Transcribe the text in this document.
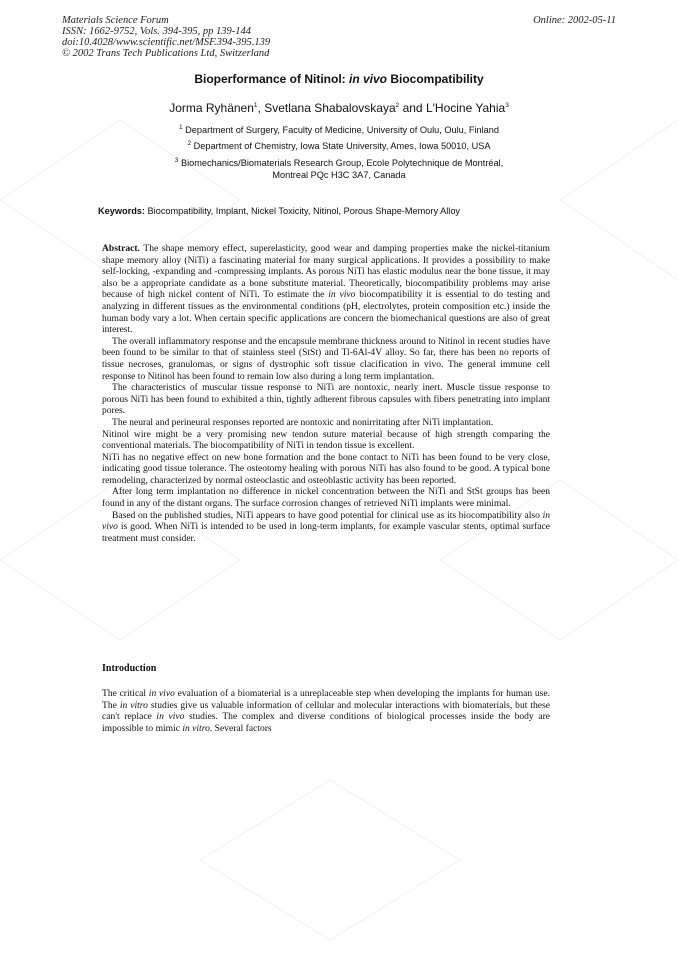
Materials Science Forum
ISSN: 1662-9752, Vols. 394-395, pp 139-144
doi:10.4028/www.scientific.net/MSF.394-395.139
© 2002 Trans Tech Publications Ltd, Switzerland
Online: 2002-05-11
Bioperformance of Nitinol: in vivo Biocompatibility
Jorma Ryhänen$^1$, Svetlana Shabalovskaya$^2$ and L'Hocine Yahia$^3$
$^1$ Department of Surgery, Faculty of Medicine, University of Oulu, Oulu, Finland
$^2$ Department of Chemistry, Iowa State University, Ames, Iowa 50010, USA
$^3$ Biomechanics/Biomaterials Research Group, Ecole Polytechnique de Montréal,
Montreal PQc H3C 3A7, Canada
Keywords: Biocompatibility, Implant, Nickel Toxicity, Nitinol, Porous Shape-Memory Alloy

Abstract. The shape memory effect, superelasticity, good wear and damping properties make the nickel-titanium shape memory alloy (NiTi) a fascinating material for many surgical applications. It provides a possibility to make self-locking, -expanding and -compressing implants. As porous NiTi has elastic modulus near the bone tissue, it may also be a appropriate candidate as a bone substitute material. Theoretically, biocompatibility problems may arise because of high nickel content of NiTi. To estimate the in vivo biocompatibility it is essential to do testing and analyzing in different tissues as the environmental conditions (pH, electrolytes, protein composition etc.) inside the human body vary a lot. When certain specific applications are concern the biomechanical questions are also of great interest.

The overall inflammatory response and the encapsule membrane thickness around to Nitinol in recent studies have been found to be similar to that of stainless steel (StSt) and Ti-6Al-4V alloy. So far, there has been no reports of tissue necroses, granulomas, or signs of dystrophic soft tissue clacification in vivo. The general immune cell response to Nitinol has been found to remain low also during a long term implantation.

The characteristics of muscular tissue response to NiTi are nontoxic, nearly inert. Muscle tissue response to porous NiTi has been found to exhibited a thin, tightly adherent fibrous capsules with fibers penetrating into implant pores.

The neural and perineural responses reported are nontoxic and nonirritating after NiTi implantation.

Nitinol wire might be a very promising new tendon suture material because of high strength comparing the conventional materials. The biocompatibility of NiTi in tendon tissue is excellent.

NiTi has no negative effect on new bone formation and the bone contact to NiTi has been found to be very close, indicating good tissue tolerance. The osteotomy healing with porous NiTi has also found to be good. A typical bone remodeling, characterized by normal osteoclastic and osteoblastic activity has been reported.

After long term implantation no difference in nickel concentration between the NiTi and StSt groups has been found in any of the distant organs. The surface corrosion changes of retrieved NiTi implants were minimal.

Based on the published studies, NiTi appears to have good potential for clinical use as its biocompatibility also in vivo is good. When NiTi is intended to be used in long-term implants, for example vascular stents, optimal surface treatment must consider.

Introduction

The critical in vivo evaluation of a biomaterial is a unreplaceable step when developing the implants for human use. The in vitro studies give us valuable information of cellular and molecular interactions with biomaterials, but these can't replace in vivo studies. The complex and diverse conditions of biological processes inside the body are impossible to mimic in vitro. Several factors
